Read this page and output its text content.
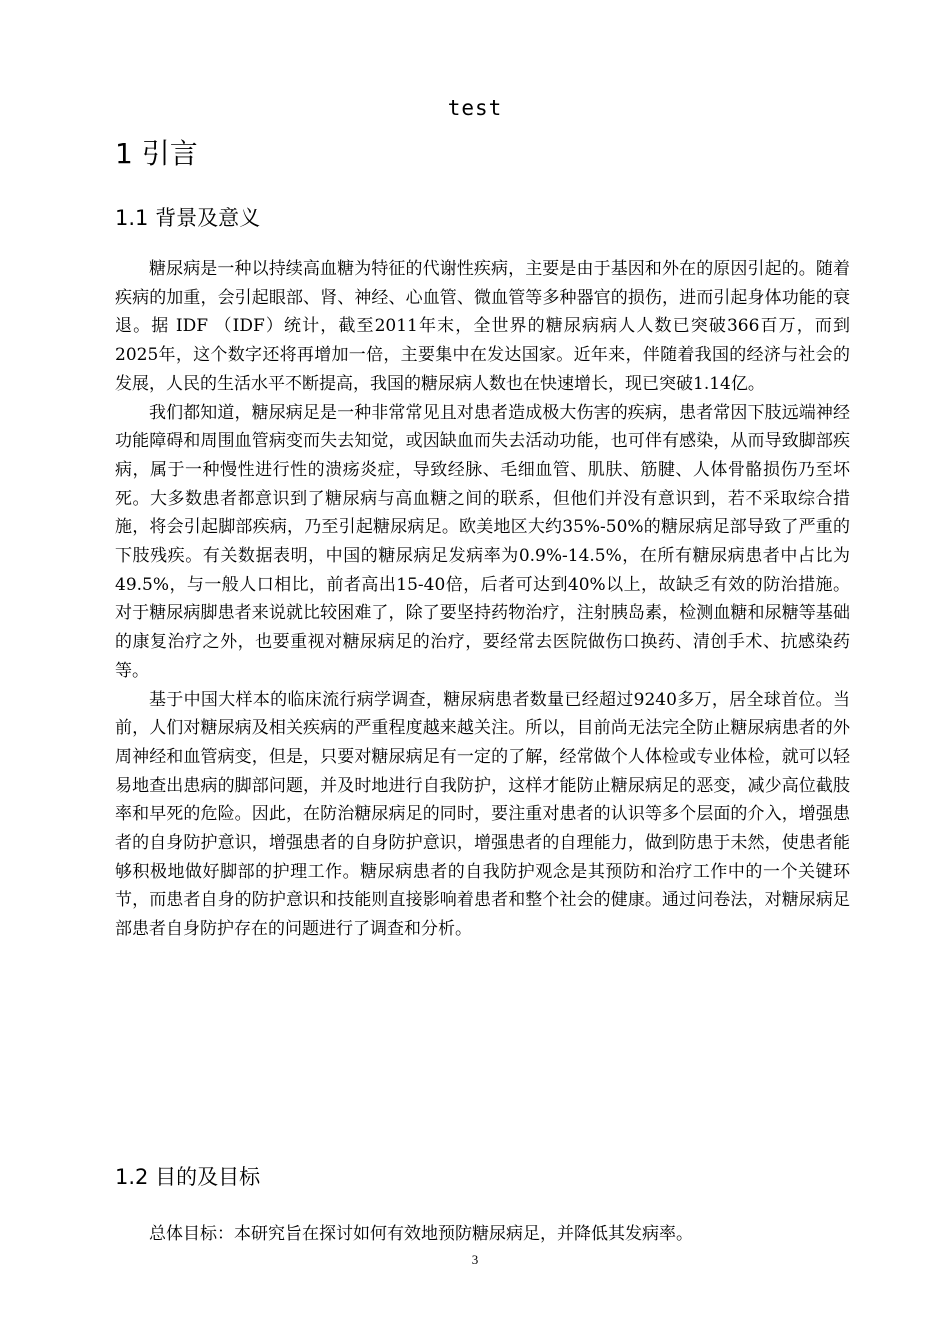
test
1 引言
1.1 背景及意义

糖尿病是一种以持续高血糖为特征的代谢性疾病，主要是由于基因和外在的原因引起的。随着疾病的加重，会引起眼部、肾、神经、心血管、微血管等多种器官的损伤，进而引起身体功能的衰退。据 IDF （IDF）统计，截至2011年末，全世界的糖尿病病人人数已突破366百万，而到2025年，这个数字还将再增加一倍，主要集中在发达国家。近年来，伴随着我国的经济与社会的发展，人民的生活水平不断提高，我国的糖尿病人数也在快速增长，现已突破1.14亿。

我们都知道，糖尿病足是一种非常常见且对患者造成极大伤害的疾病，患者常因下肢远端神经功能障碍和周围血管病变而失去知觉，或因缺血而失去活动功能，也可伴有感染，从而导致脚部疾病，属于一种慢性进行性的溃疡炎症，导致经脉、毛细血管、肌肤、筋腱、人体骨骼损伤乃至坏死。大多数患者都意识到了糖尿病与高血糖之间的联系，但他们并没有意识到，若不采取综合措施，将会引起脚部疾病，乃至引起糖尿病足。欧美地区大约35%-50%的糖尿病足部导致了严重的下肢残疾。有关数据表明，中国的糖尿病足发病率为0.9%-14.5%，在所有糖尿病患者中占比为49.5%，与一般人口相比，前者高出15-40倍，后者可达到40%以上，故缺乏有效的防治措施。对于糖尿病脚患者来说就比较困难了，除了要坚持药物治疗，注射胰岛素，检测血糖和尿糖等基础的康复治疗之外，也要重视对糖尿病足的治疗，要经常去医院做伤口换药、清创手术、抗感染药等。

基于中国大样本的临床流行病学调查，糖尿病患者数量已经超过9240多万，居全球首位。当前，人们对糖尿病及相关疾病的严重程度越来越关注。所以，目前尚无法完全防止糖尿病患者的外周神经和血管病变，但是，只要对糖尿病足有一定的了解，经常做个人体检或专业体检，就可以轻易地查出患病的脚部问题，并及时地进行自我防护，这样才能防止糖尿病足的恶变，减少高位截肢率和早死的危险。因此，在防治糖尿病足的同时，要注重对患者的认识等多个层面的介入，增强患者的自身防护意识，增强患者的自身防护意识，增强患者的自理能力，做到防患于未然，使患者能够积极地做好脚部的护理工作。糖尿病患者的自我防护观念是其预防和治疗工作中的一个关键环节，而患者自身的防护意识和技能则直接影响着患者和整个社会的健康。通过问卷法，对糖尿病足部患者自身防护存在的问题进行了调查和分析。

1.2 目的及目标

总体目标：本研究旨在探讨如何有效地预防糖尿病足，并降低其发病率。

3
